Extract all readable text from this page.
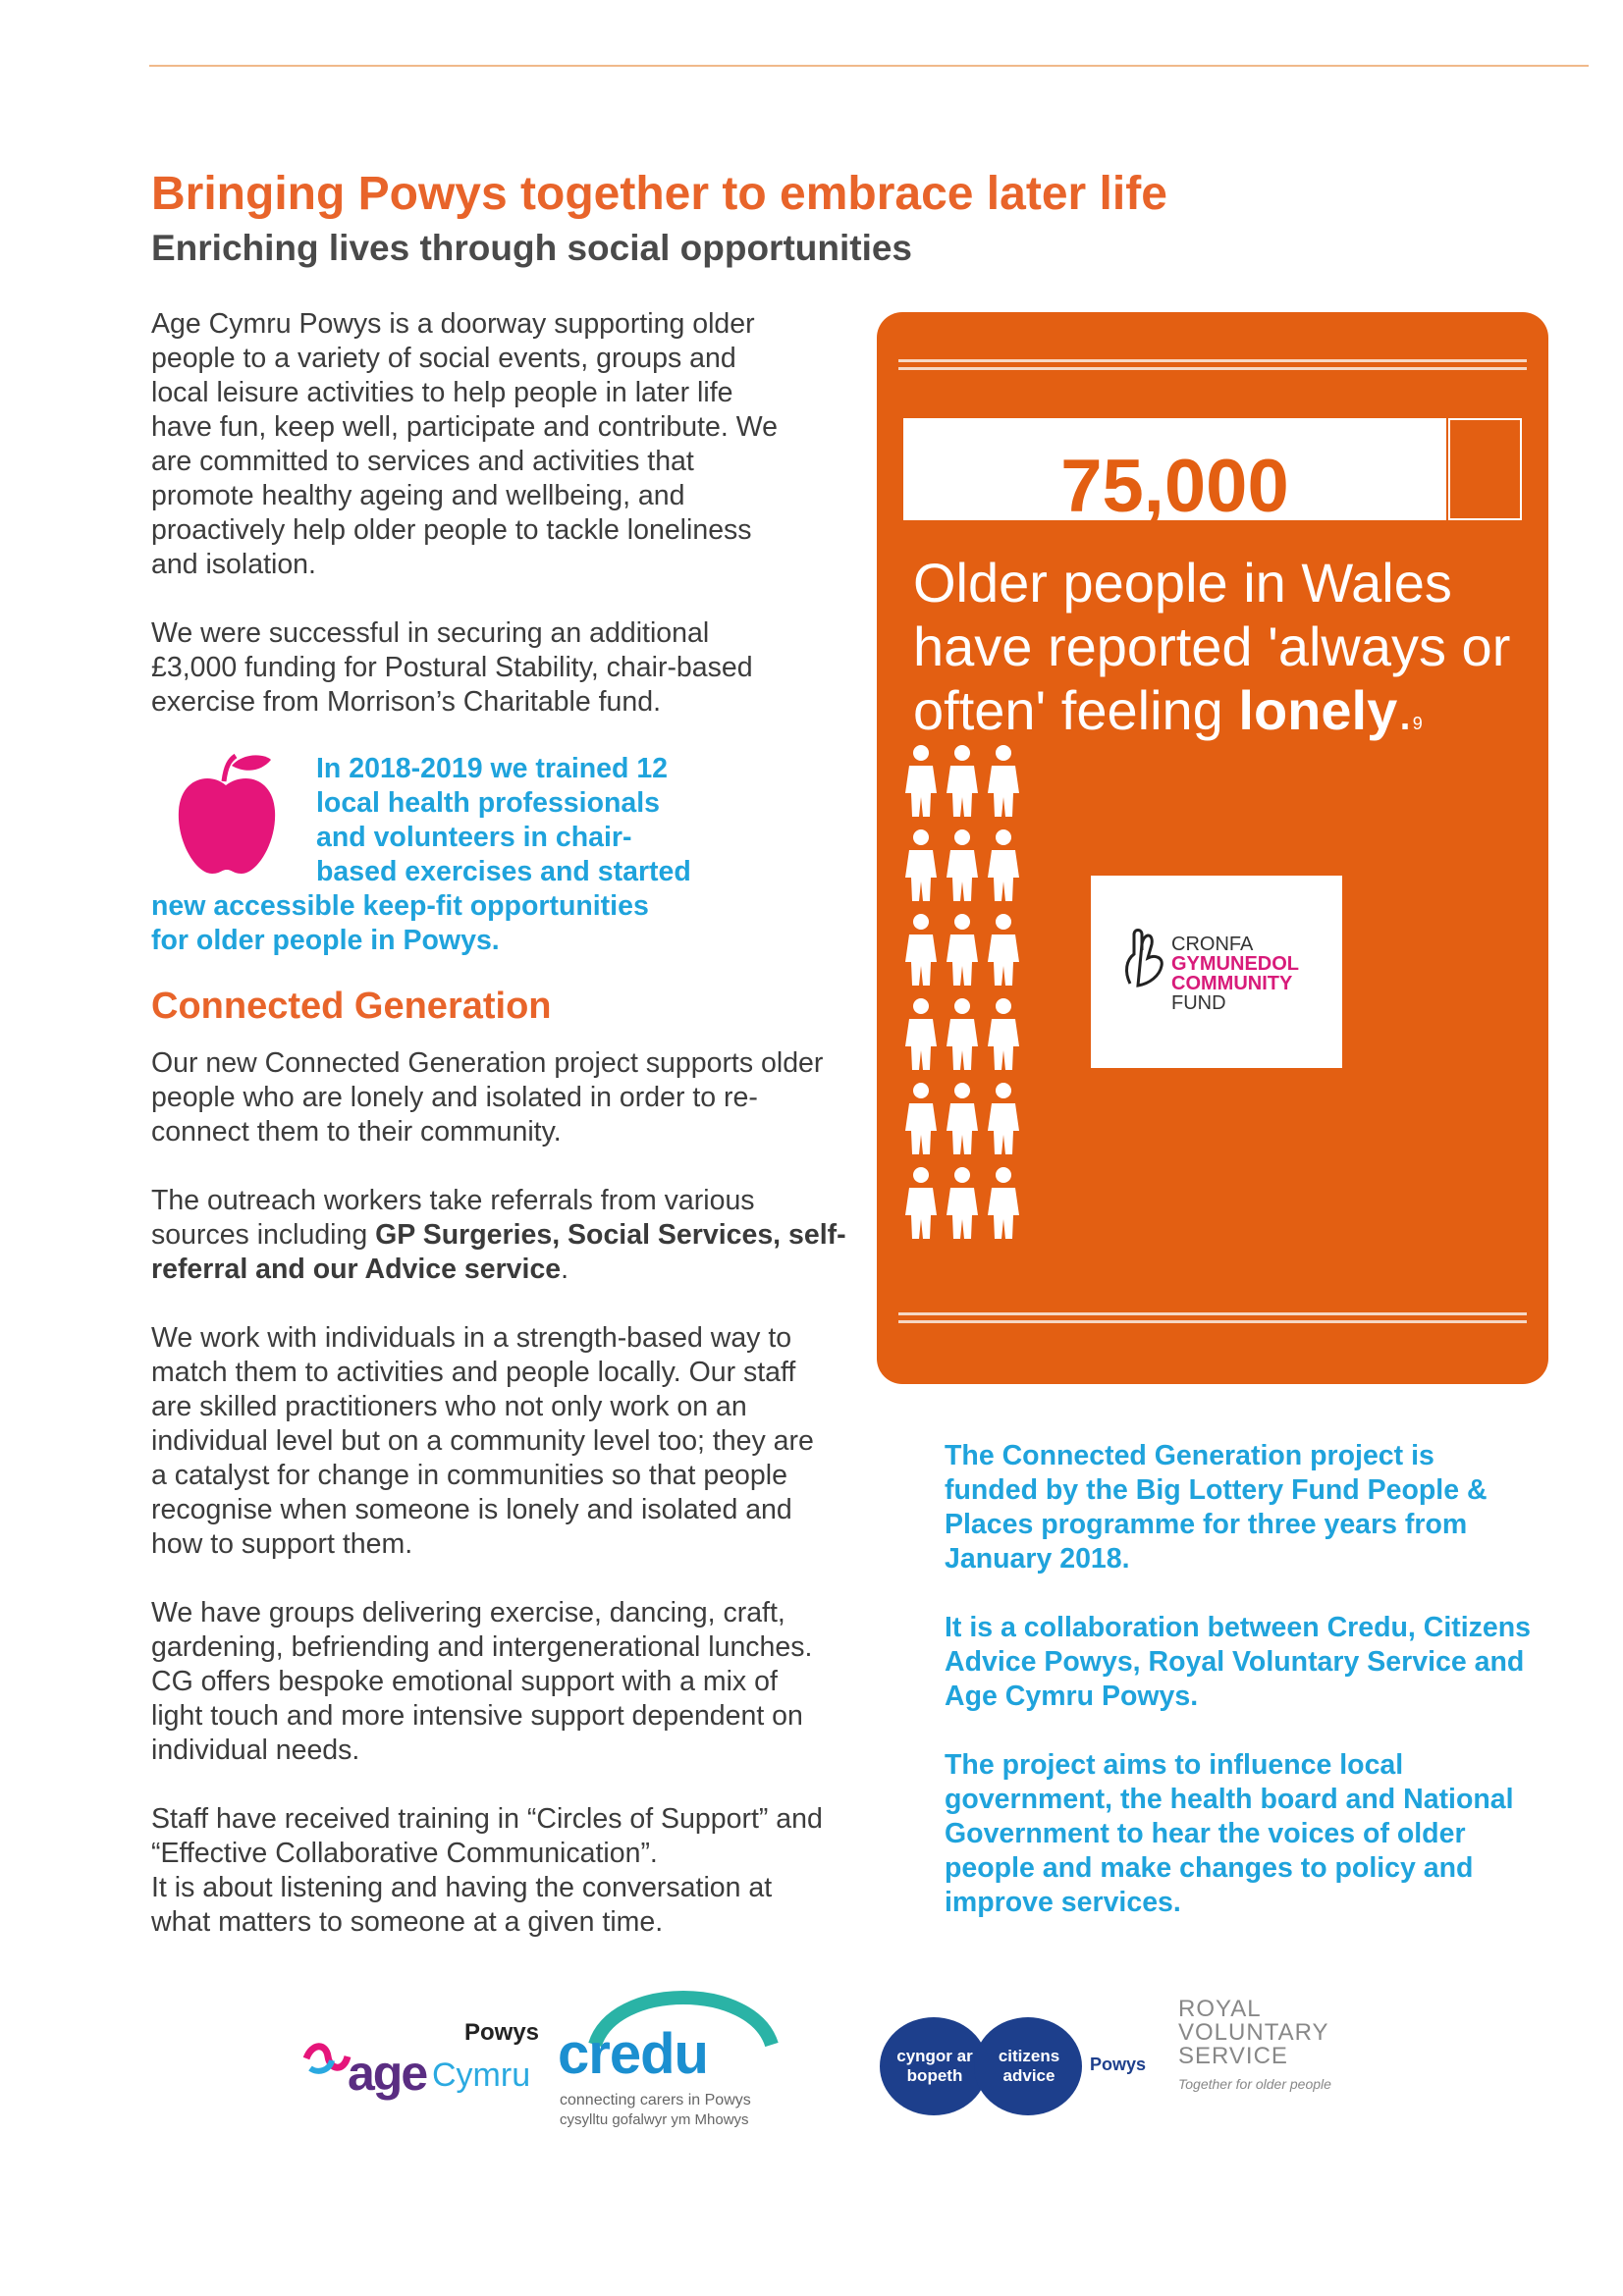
Bringing Powys together to embrace later life
Enriching lives through social opportunities

Age Cymru Powys is a doorway supporting older people to a variety of social events, groups and local leisure activities to help people in later life have fun, keep well, participate and contribute. We are committed to services and activities that promote healthy ageing and wellbeing, and proactively help older people to tackle loneliness and isolation.

We were successful in securing an additional £3,000 funding for Postural Stability, chair-based exercise from Morrison’s Charitable fund.

In 2018-2019 we trained 12
local health professionals
and volunteers in chair-
based exercises and started
new accessible keep-fit opportunities
for older people in Powys.
Connected Generation

Our new Connected Generation project supports older people who are lonely and isolated in order to re-connect them to their community.

The outreach workers take referrals from various sources including GP Surgeries, Social Services, self-referral and our Advice service.

We work with individuals in a strength-based way to match them to activities and people locally. Our staff are skilled practitioners who not only work on an individual level but on a community level too; they are a catalyst for change in communities so that people recognise when someone is lonely and isolated and how to support them.

We have groups delivering exercise, dancing, craft, gardening, befriending and intergenerational lunches. CG offers bespoke emotional support with a mix of light touch and more intensive support dependent on individual needs.

Staff have received training in “Circles of Support” and “Effective Collaborative Communication”.
It is about listening and having the conversation at what matters to someone at a given time.

75,000
Older people in Wales have reported 'always or often' feeling lonely.9
CRONFA
GYMUNEDOL
COMMUNITY
FUND

The Connected Generation project is funded by the Big Lottery Fund People & Places programme for three years from January 2018.

It is a collaboration between Credu, Citizens Advice Powys, Royal Voluntary Service and Age Cymru Powys.

The project aims to influence local government, the health board and National Government to hear the voices of older people and make changes to policy and improve services.

Powys
age Cymru credu
connecting carers in Powys
cysylltu gofalwyr ym Mhowys
cyngor ar
bopeth
citizens
advice
Powys
ROYAL
VOLUNTARY
SERVICE
Together for older people
